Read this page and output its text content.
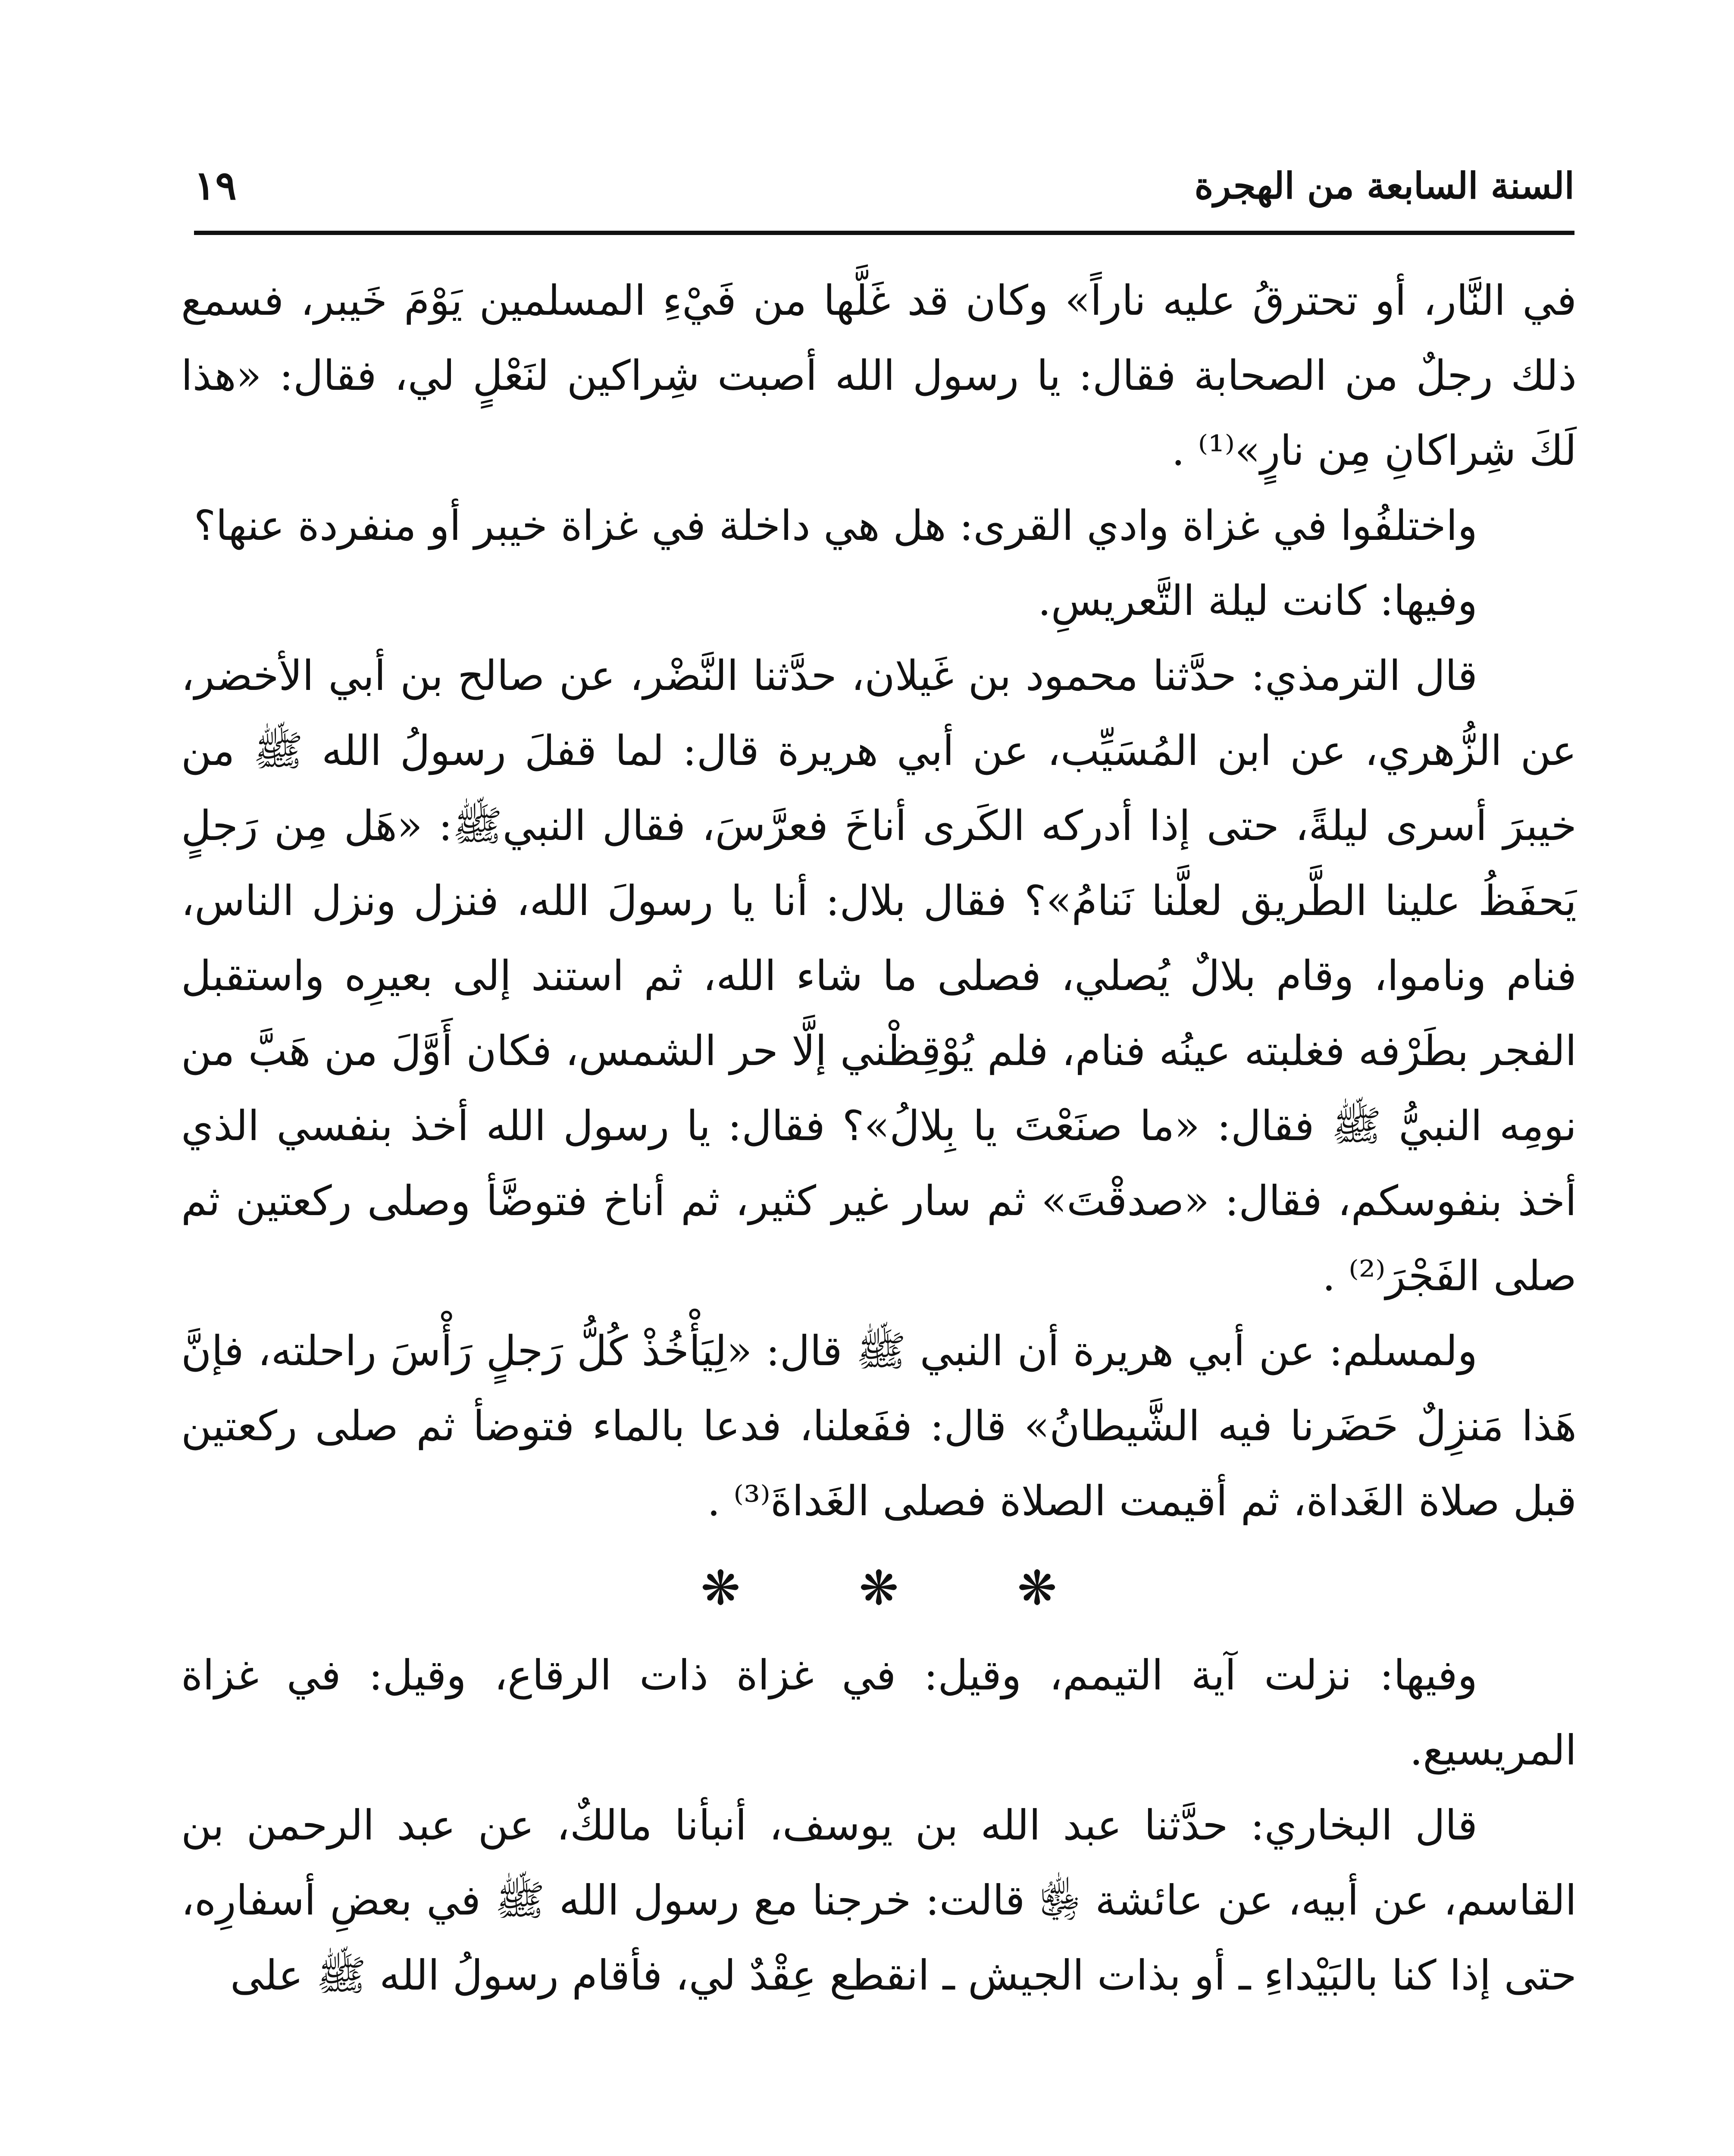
السنة السابعة من الهجرة
١٩

في النَّار، أو تحترقُ عليه ناراً» وكان قد غَلَّها من فَيْءِ المسلمين يَوْمَ خَيبر، فسمع ذلك رجلٌ من الصحابة فقال: يا رسول الله أصبت شِراكين لنَعْلٍ لي، فقال: «هذا لَكَ شِراكانِ مِن نارٍ»⁽¹⁾ .

واختلفُوا في غزاة وادي القرى: هل هي داخلة في غزاة خيبر أو منفردة عنها؟

وفيها: كانت ليلة التَّعريسِ.

قال الترمذي: حدَّثنا محمود بن غَيلان، حدَّثنا النَّضْر، عن صالح بن أبي الأخضر، عن الزُّهري، عن ابن المُسَيِّب، عن أبي هريرة قال: لما قفلَ رسولُ الله ﷺ من خيبرَ أسرى ليلةً، حتى إذا أدركه الكَرى أناخَ فعرَّسَ، فقال النبيﷺ: «هَل مِن رَجلٍ يَحفَظُ علينا الطَّريق لعلَّنا نَنامُ»؟ فقال بلال: أنا يا رسولَ الله، فنزل ونزل الناس، فنام وناموا، وقام بلالٌ يُصلي، فصلى ما شاء الله، ثم استند إلى بعيرِه واستقبل الفجر بطَرْفه فغلبته عينُه فنام، فلم يُوْقِظْني إلَّا حر الشمس، فكان أَوَّلَ من هَبَّ من نومِه النبيُّ ﷺ فقال: «ما صنَعْتَ يا بِلالُ»؟ فقال: يا رسول الله أخذ بنفسي الذي أخذ بنفوسكم، فقال: «صدقْتَ» ثم سار غير كثير، ثم أناخ فتوضَّأ وصلى ركعتين ثم صلى الفَجْرَ⁽²⁾ .

ولمسلم: عن أبي هريرة أن النبي ﷺ قال: «لِيَأْخُذْ كُلُّ رَجلٍ رَأْسَ راحلته، فإنَّ هَذا مَنزِلٌ حَضَرنا فيه الشَّيطانُ» قال: ففَعلنا، فدعا بالماء فتوضأ ثم صلى ركعتين قبل صلاة الغَداة، ثم أقيمت الصلاة فصلى الغَداةَ⁽³⁾ .

❋ ❋ ❋

وفيها: نزلت آية التيمم، وقيل: في غزاة ذات الرقاع، وقيل: في غزاة المريسيع.

قال البخاري: حدَّثنا عبد الله بن يوسف، أنبأنا مالكٌ، عن عبد الرحمن بن القاسم، عن أبيه، عن عائشة ﵂ قالت: خرجنا مع رسول الله ﷺ في بعضِ أسفارِه، حتى إذا كنا بالبَيْداءِ ـ أو بذات الجيش ـ انقطع عِقْدٌ لي، فأقام رسولُ الله ﷺ على
